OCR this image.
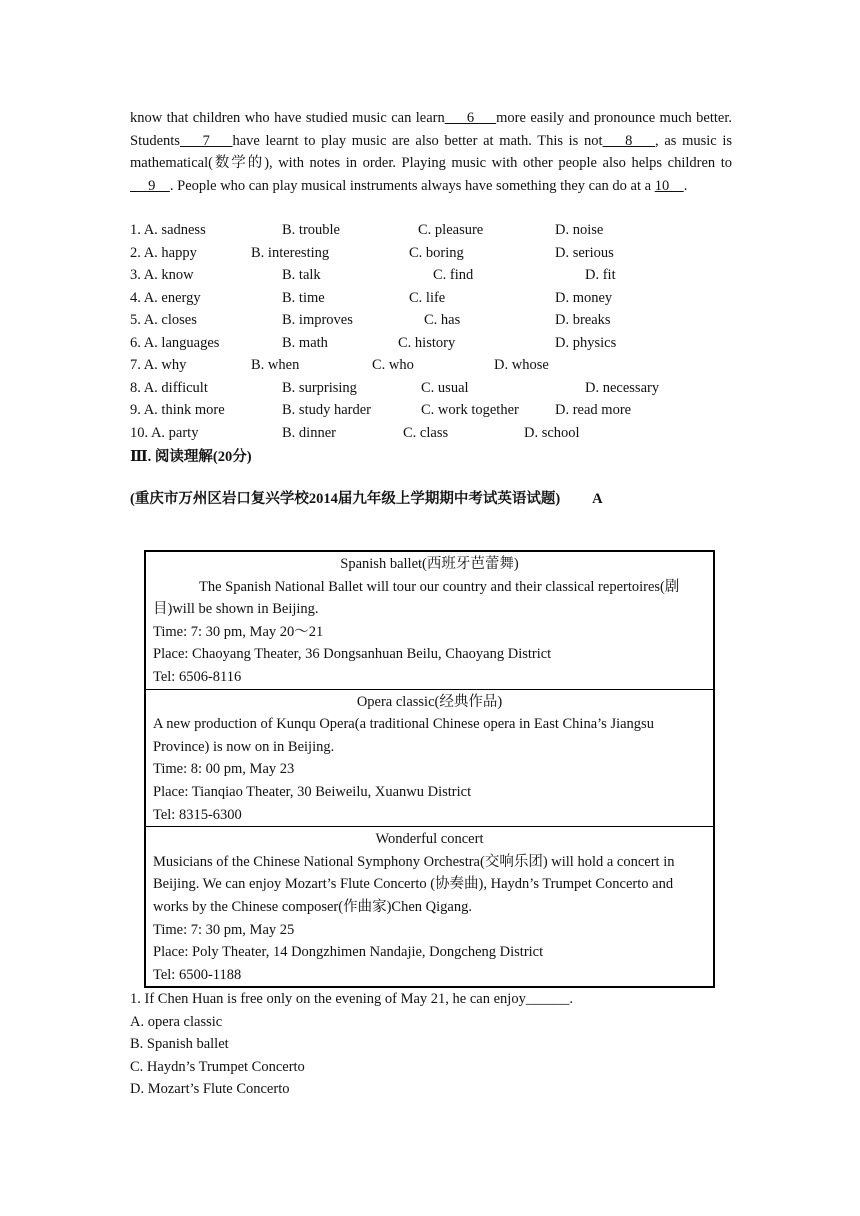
know that children who have studied music can learn     6     more easily and pronounce much better. Students    7    have learnt to play music are also better at math. This is not    8    , as music is mathematical(数学的), with notes in order. Playing music with other people also helps children to     9    . People who can play musical instruments always have something they can do at a 10    .
1. A. sadness	B. trouble	C. pleasure	D. noise
2. A. happy	B. interesting	C. boring	D. serious
3. A. know	B. talk	C. find	D. fit
4. A. energy	B. time	C. life	D. money
5. A. closes	B. improves	C. has	D. breaks
6. A. languages	B. math	C. history	D. physics
7. A. why	B. when	C. who	D. whose
8. A. difficult	B. surprising	C. usual	D. necessary
9. A. think more	B. study harder	C. work together D. read more
10. A. party	B. dinner	C. class	D. school
Ⅲ. 阅读理解(20分)
(重庆市万州区岩口复兴学校2014届九年级上学期期中考试英语试题) A
Spanish ballet(西班牙芭蕾舞)
The Spanish National Ballet will tour our country and their classical repertoires(剧目)will be shown in Beijing.
Time: 7: 30 pm, May 20～21
Place: Chaoyang Theater, 36 Dongsanhuan Beilu, Chaoyang District
Tel: 6506-8116
Opera classic(经典作品)
A new production of Kunqu Opera(a traditional Chinese opera in East China’s Jiangsu Province) is now on in Beijing.
Time: 8: 00 pm, May 23
Place: Tianqiao Theater, 30 Beiweilu, Xuanwu District
Tel: 8315-6300
Wonderful concert
Musicians of the Chinese National Symphony Orchestra(交响乐团) will hold a concert in Beijing. We can enjoy Mozart’s Flute Concerto (协奏曲), Haydn’s Trumpet Concerto and works by the Chinese composer(作曲家)Chen Qigang.
Time: 7: 30 pm, May 25
Place: Poly Theater, 14 Dongzhimen Nandajie, Dongcheng District
Tel: 6500-1188
1. If Chen Huan is free only on the evening of May 21, he can enjoy______.
A. opera classic
B. Spanish ballet
C. Haydn’s Trumpet Concerto
D. Mozart’s Flute Concerto
